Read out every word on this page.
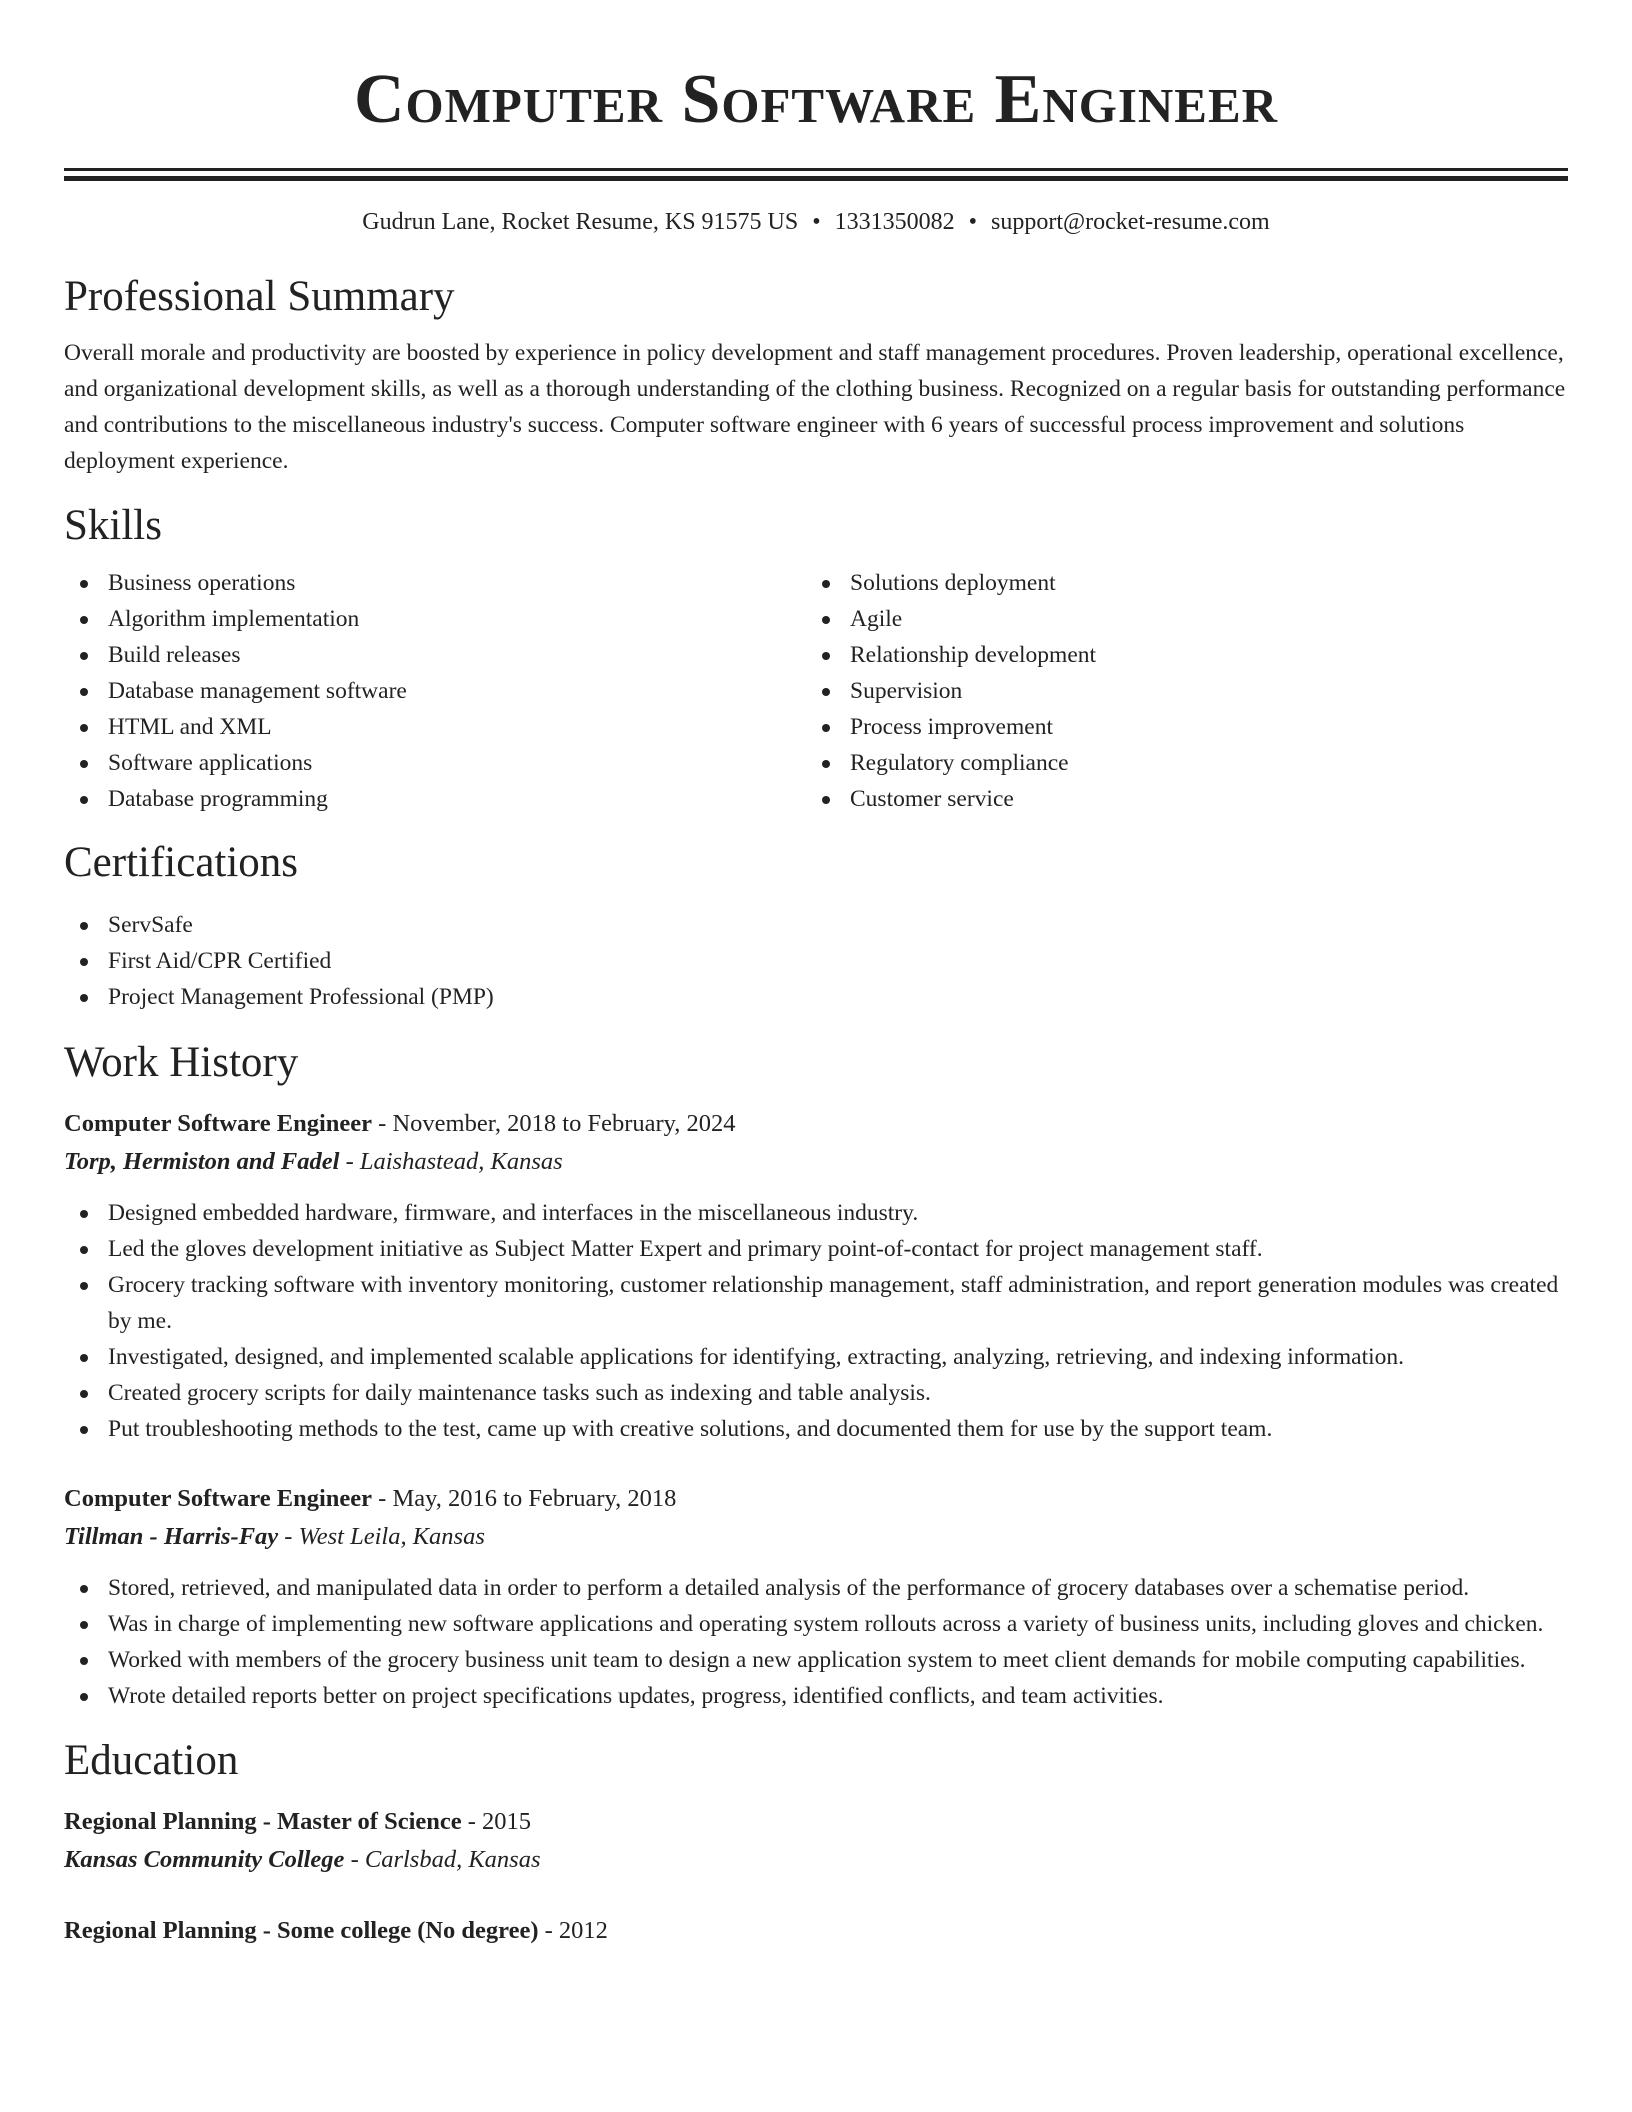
Computer Software Engineer
Gudrun Lane, Rocket Resume, KS 91575 US • 1331350082 • support@rocket-resume.com
Professional Summary

Overall morale and productivity are boosted by experience in policy development and staff management procedures. Proven leadership, operational excellence, and organizational development skills, as well as a thorough understanding of the clothing business. Recognized on a regular basis for outstanding performance and contributions to the miscellaneous industry's success. Computer software engineer with 6 years of successful process improvement and solutions deployment experience.

Skills
Business operations
Algorithm implementation
Build releases
Database management software
HTML and XML
Software applications
Database programming
Solutions deployment
Agile
Relationship development
Supervision
Process improvement
Regulatory compliance
Customer service
Certifications
ServSafe
First Aid/CPR Certified
Project Management Professional (PMP)
Work History
Computer Software Engineer - November, 2018 to February, 2024
Torp, Hermiston and Fadel - Laishastead, Kansas
Designed embedded hardware, firmware, and interfaces in the miscellaneous industry.
Led the gloves development initiative as Subject Matter Expert and primary point-of-contact for project management staff.
Grocery tracking software with inventory monitoring, customer relationship management, staff administration, and report generation modules was created by me.
Investigated, designed, and implemented scalable applications for identifying, extracting, analyzing, retrieving, and indexing information.
Created grocery scripts for daily maintenance tasks such as indexing and table analysis.
Put troubleshooting methods to the test, came up with creative solutions, and documented them for use by the support team.
Computer Software Engineer - May, 2016 to February, 2018
Tillman - Harris-Fay - West Leila, Kansas
Stored, retrieved, and manipulated data in order to perform a detailed analysis of the performance of grocery databases over a schematise period.
Was in charge of implementing new software applications and operating system rollouts across a variety of business units, including gloves and chicken.
Worked with members of the grocery business unit team to design a new application system to meet client demands for mobile computing capabilities.
Wrote detailed reports better on project specifications updates, progress, identified conflicts, and team activities.
Education
Regional Planning - Master of Science - 2015
Kansas Community College - Carlsbad, Kansas
Regional Planning - Some college (No degree) - 2012
